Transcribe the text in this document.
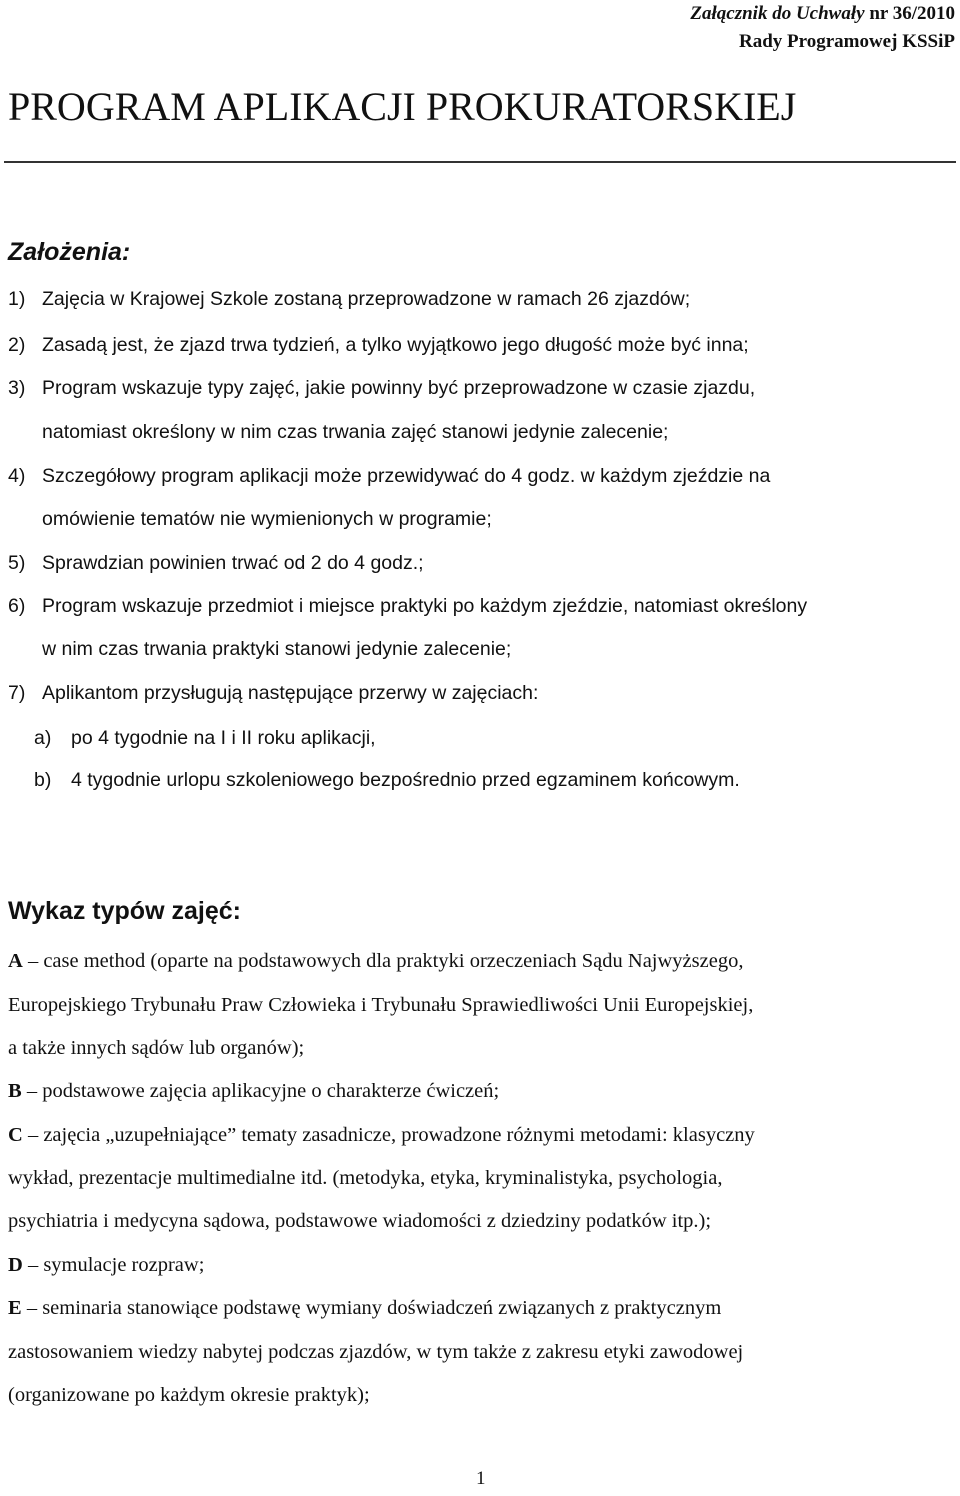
Załącznik do Uchwały nr 36/2010
Rady Programowej KSSiP
PROGRAM APLIKACJI PROKURATORSKIEJ
Założenia:
1) Zajęcia w Krajowej Szkole zostaną przeprowadzone w ramach 26 zjazdów;
2) Zasadą jest, że zjazd trwa tydzień, a tylko wyjątkowo jego długość może być inna;
3) Program wskazuje typy zajęć, jakie powinny być przeprowadzone w czasie zjazdu,
natomiast określony w nim czas trwania zajęć stanowi jedynie zalecenie;
4) Szczegółowy program aplikacji może przewidywać do 4 godz. w każdym zjeździe na
omówienie tematów nie wymienionych w programie;
5) Sprawdzian powinien trwać od 2 do 4 godz.;
6) Program wskazuje przedmiot i miejsce praktyki po każdym zjeździe, natomiast określony
w nim czas trwania praktyki stanowi jedynie zalecenie;
7) Aplikantom przysługują następujące przerwy w zajęciach:
a) po 4 tygodnie na I i II roku aplikacji,
b) 4 tygodnie urlopu szkoleniowego bezpośrednio przed egzaminem końcowym.
Wykaz typów zajęć:
A – case method (oparte na podstawowych dla praktyki orzeczeniach Sądu Najwyższego,
Europejskiego Trybunału Praw Człowieka i Trybunału Sprawiedliwości Unii Europejskiej,
a także innych sądów lub organów);
B – podstawowe zajęcia aplikacyjne o charakterze ćwiczeń;
C – zajęcia „uzupełniające” tematy zasadnicze, prowadzone różnymi metodami: klasyczny
wykład, prezentacje multimedialne itd. (metodyka, etyka, kryminalistyka, psychologia,
psychiatria i medycyna sądowa, podstawowe wiadomości z dziedziny podatków itp.);
D – symulacje rozpraw;
E – seminaria stanowiące podstawę wymiany doświadczeń związanych z praktycznym
zastosowaniem wiedzy nabytej podczas zjazdów, w tym także z zakresu etyki zawodowej
(organizowane po każdym okresie praktyk);
1
